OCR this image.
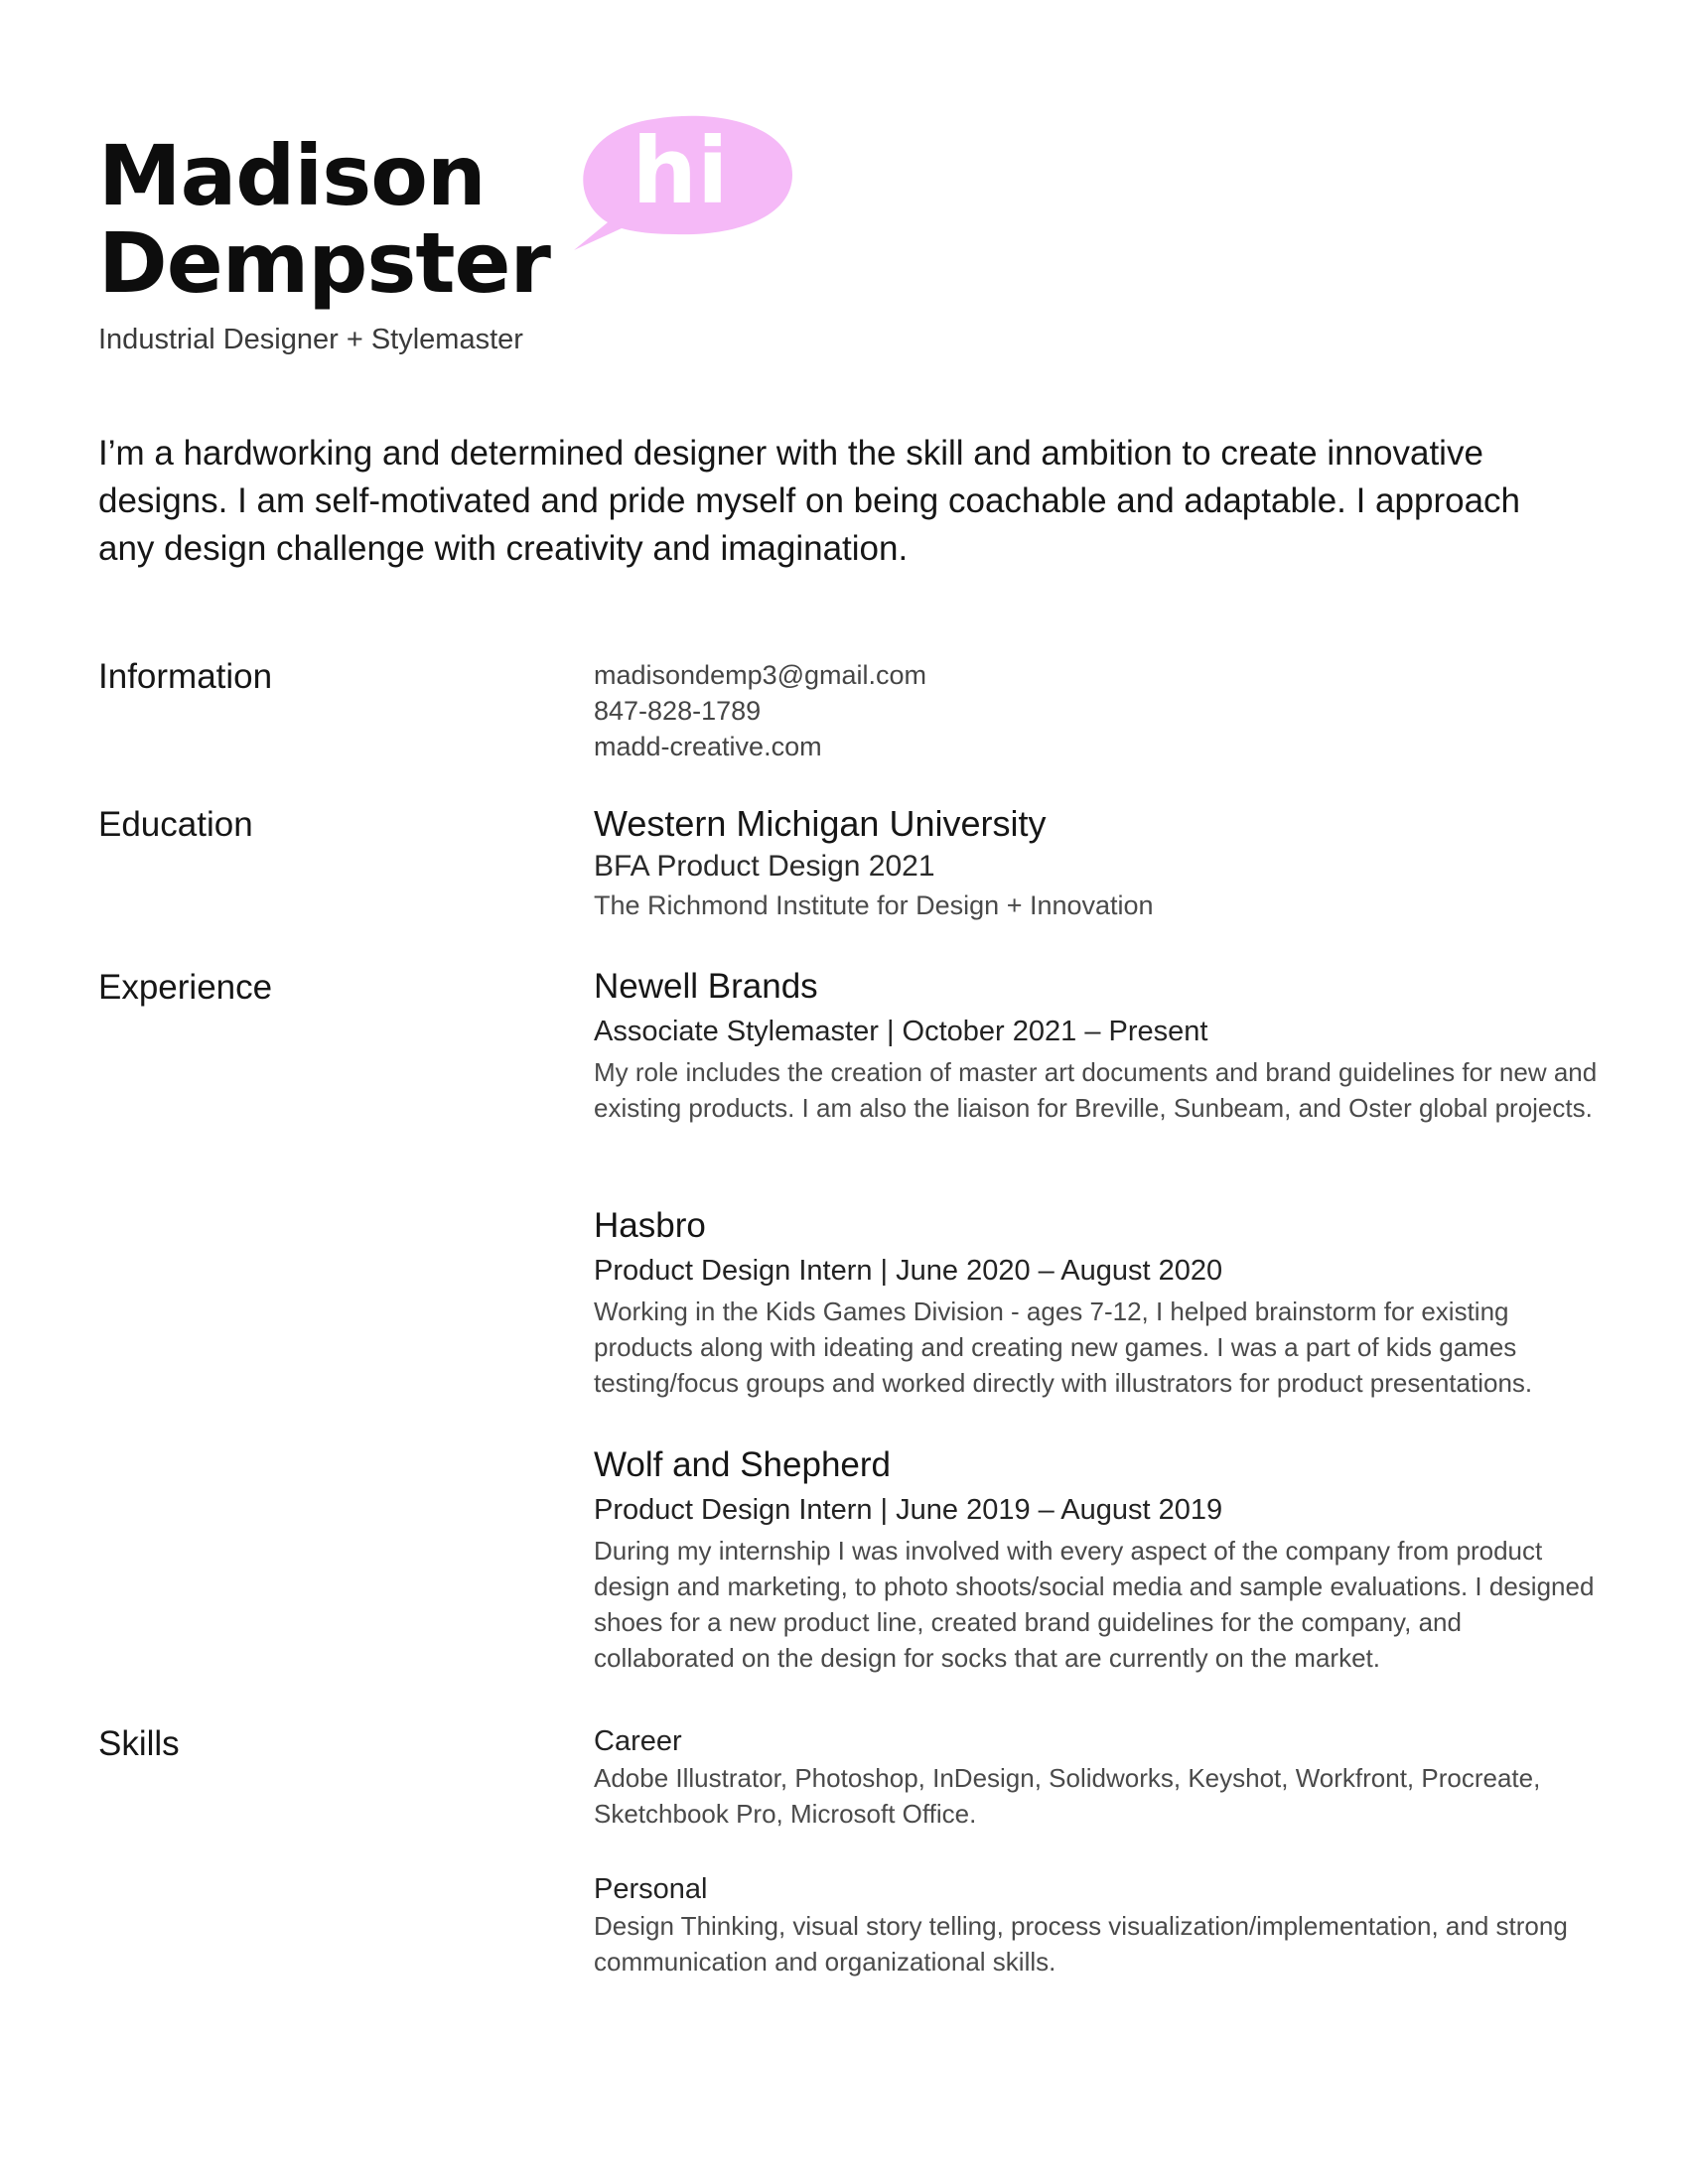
Madison
Dempster
Industrial Designer + Stylemaster
hi

I’m a hardworking and determined designer with the skill and ambition to create innovative designs. I am self-motivated and pride myself on being coachable and adaptable. I approach any design challenge with creativity and imagination.

Information	madisondemp3@gmail.com
847-828-1789
madd-creative.com
Education	Western Michigan University
BFA Product Design 2021
The Richmond Institute for Design + Innovation
Experience	Newell Brands
Associate Stylemaster | October 2021 – Present
My role includes the creation of master art documents and brand guidelines for new and existing products. I am also the liaison for Breville, Sunbeam, and Oster global projects.
Hasbro
Product Design Intern | June 2020 – August 2020
Working in the Kids Games Division - ages 7-12, I helped brainstorm for existing products along with ideating and creating new games. I was a part of kids games testing/focus groups and worked directly with illustrators for product presentations.
Wolf and Shepherd
Product Design Intern | June 2019 – August 2019
During my internship I was involved with every aspect of the company from product design and marketing, to photo shoots/social media and sample evaluations. I designed shoes for a new product line, created brand guidelines for the company, and collaborated on the design for socks that are currently on the market.
Skills	Career
Adobe Illustrator, Photoshop, InDesign, Solidworks, Keyshot, Workfront, Procreate, Sketchbook Pro, Microsoft Office.
Personal
Design Thinking, visual story telling, process visualization/implementation, and strong communication and organizational skills.
